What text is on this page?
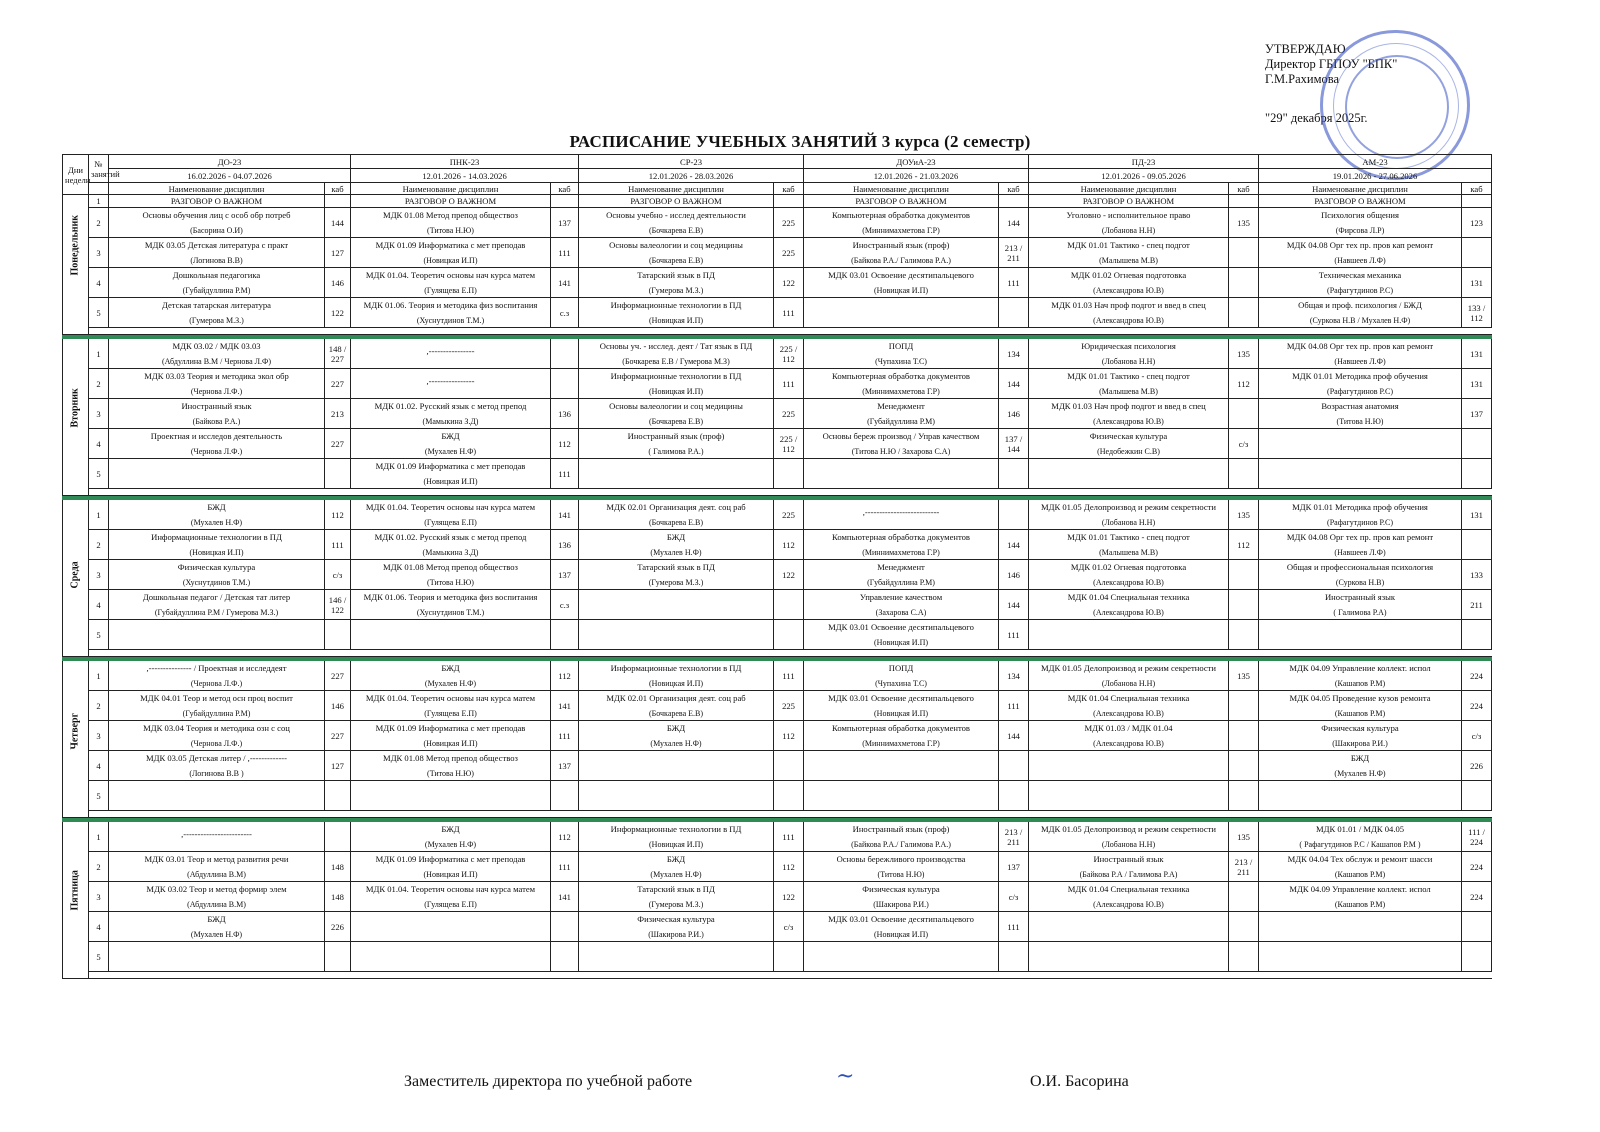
УТВЕРЖДАЮ
Директор ГБПОУ "БПК"
Г.М.Рахимова
"29" декабря 2025г.
РАСПИСАНИЕ УЧЕБНЫХ ЗАНЯТИЙ 3 курса (2 семестр)
Дни недели	№ занятий	ДО-23		ПНК-23		СР-23		ДОУиА-23		ПД-23		АМ-23	
		16.02.2026 - 04.07.2026		12.01.2026 - 14.03.2026		12.01.2026 - 28.03.2026		12.01.2026 - 21.03.2026		12.01.2026 - 09.05.2026		19.01.2026 - 27.06.2026	
		Наименование дисциплин	каб	Наименование дисциплин	каб	Наименование дисциплин	каб	Наименование дисциплин	каб	Наименование дисциплин	каб	Наименование дисциплин	каб

Понедельник	1	РАЗГОВОР О ВАЖНОМ		РАЗГОВОР О ВАЖНОМ		РАЗГОВОР О ВАЖНОМ		РАЗГОВОР О ВАЖНОМ		РАЗГОВОР О ВАЖНОМ		РАЗГОВОР О ВАЖНОМ	
	2	Основы обучения лиц с особ обр потреб
(Басорина О.И)	144	МДК 01.08 Метод препод обществоз
(Титова Н.Ю)	137	Основы учебно - исслед деятельности
(Бочкарева Е.В)	225	Компьютерная обработка документов
(Миннимахметова Г.Р)	144	Уголовно - исполнительное право
(Лобанова Н.Н)	135	Психология общения
(Фирсова Л.Р)	123
	3	МДК 03.05 Детская литература с практ
(Логинова В.В)	127	МДК 01.09 Информатика с мет преподав
(Новицкая И.П)	111	Основы валеологии и соц медицины
(Бочкарева Е.В)	225	Иностранный язык (проф)
(Байкова Р.А./ Галимова Р.А.)	213 / 211	МДК 01.01 Тактико - спец подгот
(Малышева М.В)		МДК 04.08 Орг тех пр. пров кап ремонт
(Навшеев Л.Ф)	

	4	Дошкольная педагогика
(Губайдуллина Р.М)	146	МДК 01.04. Теоретич основы нач курса матем
(Гулящева Е.П)	141	Татарский язык в ПД
(Гумерова М.З.)	122	МДК 03.01 Освоение десятипальцевого
(Новицкая И.П)	111	МДК 01.02 Огневая подготовка
(Александрова Ю.В)		Техническая механика
(Рафагутдинов Р.С)	131
	5	Детская татарская литература
(Гумерова М.З.)	122	МДК 01.06. Теория и методика физ воспитания
(Хуснутдинов Т.М.)	с.з	Информационные технологии в ПД
(Новицкая И.П)	111			МДК 01.03 Нач проф подгот и введ в спец
(Александрова Ю.В)		Общая и проф. психология / БЖД
(Суркова Н.В / Мухалев Н.Ф)	133 / 112

Вторник	1	МДК 03.02 / МДК 03.03
(Абдуллина В.М / Чернова Л.Ф)	148 / 227	,----------------		Основы уч. - исслед. деят / Тат язык в ПД
(Бочкарева Е.В / Гумерова М.З)	225 / 112	ПОПД
(Чупахина Т.С)	134	Юридическая психология
(Лобанова Н.Н)	135	МДК 04.08 Орг тех пр. пров кап ремонт
(Навшеев Л.Ф)	131
	2	МДК 03.03 Теория и методика экол обр
(Чернова Л.Ф.)	227	,----------------		Информационные технологии в ПД
(Новицкая И.П)	111	Компьютерная обработка документов
(Миннимахметова Г.Р)	144	МДК 01.01 Тактико - спец подгот
(Малышева М.В)	112	МДК 01.01 Методика проф обучения
(Рафагутдинов Р.С)	131
	3	Иностранный язык
(Байкова Р.А.)	213	МДК 01.02. Русский язык с метод препод
(Мамыкина З.Д)	136	Основы валеологии и соц медицины
(Бочкарева Е.В)	225	Менеджмент
(Губайдуллина Р.М)	146	МДК 01.03 Нач проф подгот и введ в спец
(Александрова Ю.В)		Возрастная анатомия
(Титова Н.Ю)	137
	4	Проектная и исследов деятельность
(Чернова Л.Ф.)	227	БЖД
(Мухалев Н.Ф)	112	Иностранный язык (проф)
( Галимова Р.А.)	225 / 112	Основы береж производ / Управ качеством
(Титова Н.Ю / Захарова С.А)	137 / 144	Физическая культура
(Недобежкин С.В)	с/з	

	5			МДК 01.09 Информатика с мет преподав
(Новицкая И.П)	111	

Среда	1	БЖД
(Мухалев Н.Ф)	112	МДК 01.04. Теоретич основы нач курса матем
(Гулящева Е.П)	141	МДК 02.01 Организация деят. соц раб
(Бочкарева Е.В)	225	,--------------------------		МДК 01.05 Делопроизвод и режим секретности
(Лобанова Н.Н)	135	МДК 01.01 Методика проф обучения
(Рафагутдинов Р.С)	131
	2	Информационные технологии в ПД
(Новицкая И.П)	111	МДК 01.02. Русский язык с метод препод
(Мамыкина З.Д)	136	БЖД
(Мухалев Н.Ф)	112	Компьютерная обработка документов
(Миннимахметова Г.Р)	144	МДК 01.01 Тактико - спец подгот
(Малышева М.В)	112	МДК 04.08 Орг тех пр. пров кап ремонт
(Навшеев Л.Ф)	

	3	Физическая культура
(Хуснутдинов Т.М.)	с/з	МДК 01.08 Метод препод обществоз
(Титова Н.Ю)	137	Татарский язык в ПД
(Гумерова М.З.)	122	Менеджмент
(Губайдуллина Р.М)	146	МДК 01.02 Огневая подготовка
(Александрова Ю.В)		Общая и профессиональная психология
(Суркова Н.В)	133
	4	Дошкольная педагог / Детская тат литер
(Губайдуллина Р.М / Гумерова М.З.)	146 / 122	МДК 01.06. Теория и методика физ воспитания
(Хуснутдинов Т.М.)	с.з			Управление качеством
(Захарова С.А)	144	МДК 01.04 Специальная техника
(Александрова Ю.В)		Иностранный язык
( Галимова Р.А)	211
	5							МДК 03.01 Освоение десятипальцевого
(Новицкая И.П)	111	

Четверг	1	,--------------- / Проектная и исследдеят
(Чернова Л.Ф.)	227	БЖД
(Мухалев Н.Ф)	112	Информационные технологии в ПД
(Новицкая И.П)	111	ПОПД
(Чупахина Т.С)	134	МДК 01.05 Делопроизвод и режим секретности
(Лобанова Н.Н)	135	МДК 04.09 Управление коллект. испол
(Кашапов Р.М)	224
	2	МДК 04.01 Теор и метод осн проц воспит
(Губайдуллина Р.М)	146	МДК 01.04. Теоретич основы нач курса матем
(Гулящева Е.П)	141	МДК 02.01 Организация деят. соц раб
(Бочкарева Е.В)	225	МДК 03.01 Освоение десятипальцевого
(Новицкая И.П)	111	МДК 01.04 Специальная техника
(Александрова Ю.В)		МДК 04.05 Проведение кузов ремонта
(Кашапов Р.М)	224
	3	МДК 03.04 Теория и методика озн с соц
(Чернова Л.Ф.)	227	МДК 01.09 Информатика с мет преподав
(Новицкая И.П)	111	БЖД
(Мухалев Н.Ф)	112	Компьютерная обработка документов
(Миннимахметова Г.Р)	144	МДК 01.03 / МДК 01.04
(Александрова Ю.В)		Физическая культура
(Шакирова Р.И.)	с/з
	4	МДК 03.05 Детская литер / ,-------------
(Логинова В.В )	127	МДК 01.08 Метод препод обществоз
(Титова Н.Ю)	137							БЖД
(Мухалев Н.Ф)	226
	5	

Пятница	1	,------------------------		БЖД
(Мухалев Н.Ф)	112	Информационные технологии в ПД
(Новицкая И.П)	111	Иностранный язык (проф)
(Байкова Р.А./ Галимова Р.А.)	213 / 211	МДК 01.05 Делопроизвод и режим секретности
(Лобанова Н.Н)	135	МДК 01.01 / МДК 04.05
( Рафагутдинов Р.С / Кашапов Р.М )	111 / 224
	2	МДК 03.01 Теор и метод развития речи
(Абдуллина В.М)	148	МДК 01.09 Информатика с мет преподав
(Новицкая И.П)	111	БЖД
(Мухалев Н.Ф)	112	Основы бережливого производства
(Титова Н.Ю)	137	Иностранный язык
(Байкова Р.А / Галимова Р.А)	213 / 211	МДК 04.04 Тех обслуж и ремонт шасси
(Кашапов Р.М)	224
	3	МДК 03.02 Теор и метод формир элем
(Абдуллина В.М)	148	МДК 01.04. Теоретич основы нач курса матем
(Гулящева Е.П)	141	Татарский язык в ПД
(Гумерова М.З.)	122	Физическая культура
(Шакирова Р.И.)	с/з	МДК 01.04 Специальная техника
(Александрова Ю.В)		МДК 04.09 Управление коллект. испол
(Кашапов Р.М)	224
	4	БЖД
(Мухалев Н.Ф)	226			Физическая культура
(Шакирова Р.И.)	с/з	МДК 03.01 Освоение десятипальцевого
(Новицкая И.П)	111	

	5	

Заместитель директора по учебной работе	~	О.И. Басорина
